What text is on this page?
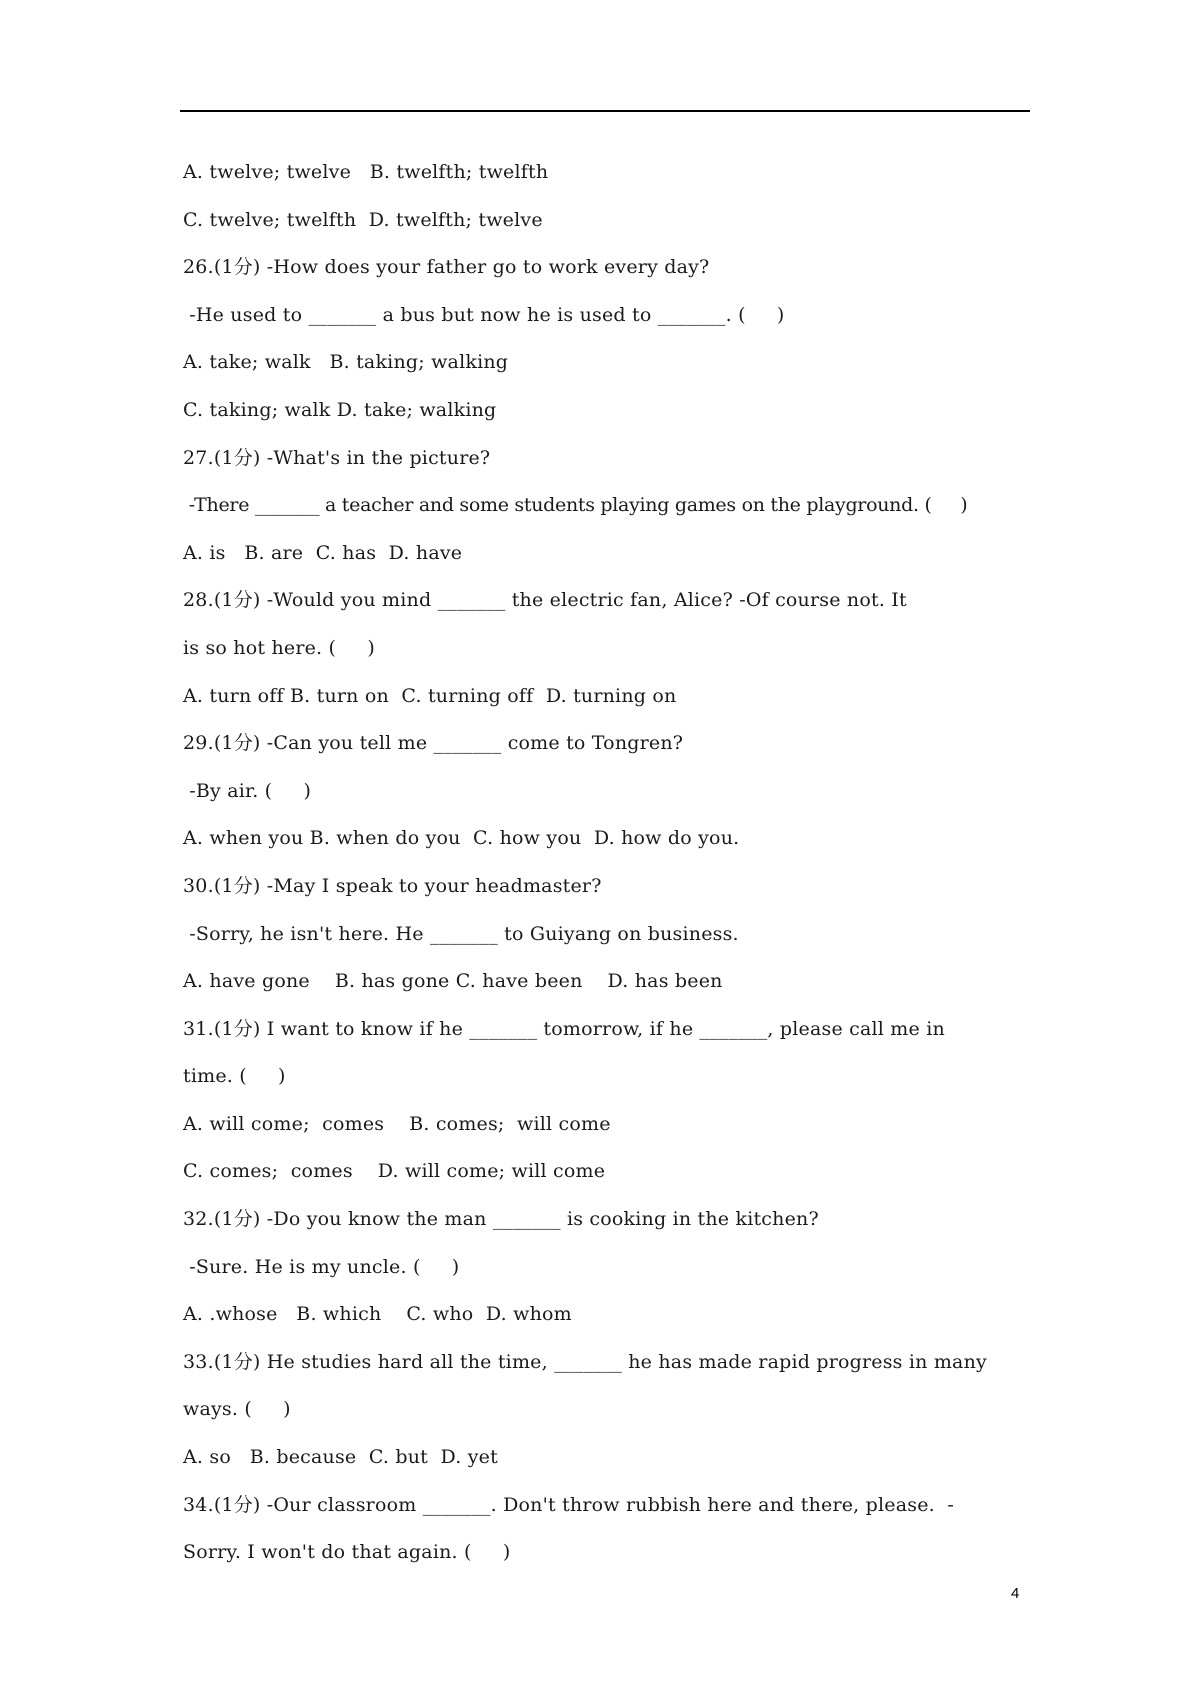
A. twelve; twelve   B. twelfth; twelfth
C. twelve; twelfth  D. twelfth; twelve
26.(1分) -How does your father go to work every day?
-He used to _______ a bus but now he is used to _______. (     )
A. take; walk   B. taking; walking
C. taking; walk D. take; walking
27.(1分) -What's in the picture?
-There _______ a teacher and some students playing games on the playground. (     )
A. is   B. are  C. has  D. have
28.(1分) -Would you mind _______ the electric fan, Alice? -Of course not. It
is so hot here. (     )
A. turn off B. turn on  C. turning off  D. turning on
29.(1分) -Can you tell me _______ come to Tongren?
-By air. (     )
A. when you B. when do you  C. how you  D. how do you.
30.(1分) -May I speak to your headmaster?
-Sorry, he isn't here. He _______ to Guiyang on business.
A. have gone    B. has gone C. have been    D. has been
31.(1分) I want to know if he _______ tomorrow, if he _______, please call me in
time. (     )
A. will come;  comes    B. comes;  will come
C. comes;  comes    D. will come; will come
32.(1分) -Do you know the man _______ is cooking in the kitchen?
-Sure. He is my uncle. (     )
A. .whose   B. which    C. who  D. whom
33.(1分) He studies hard all the time, _______ he has made rapid progress in many
ways. (     )
A. so   B. because  C. but  D. yet
34.(1分) -Our classroom _______. Don't throw rubbish here and there, please.  -
Sorry. I won't do that again. (     )
4
